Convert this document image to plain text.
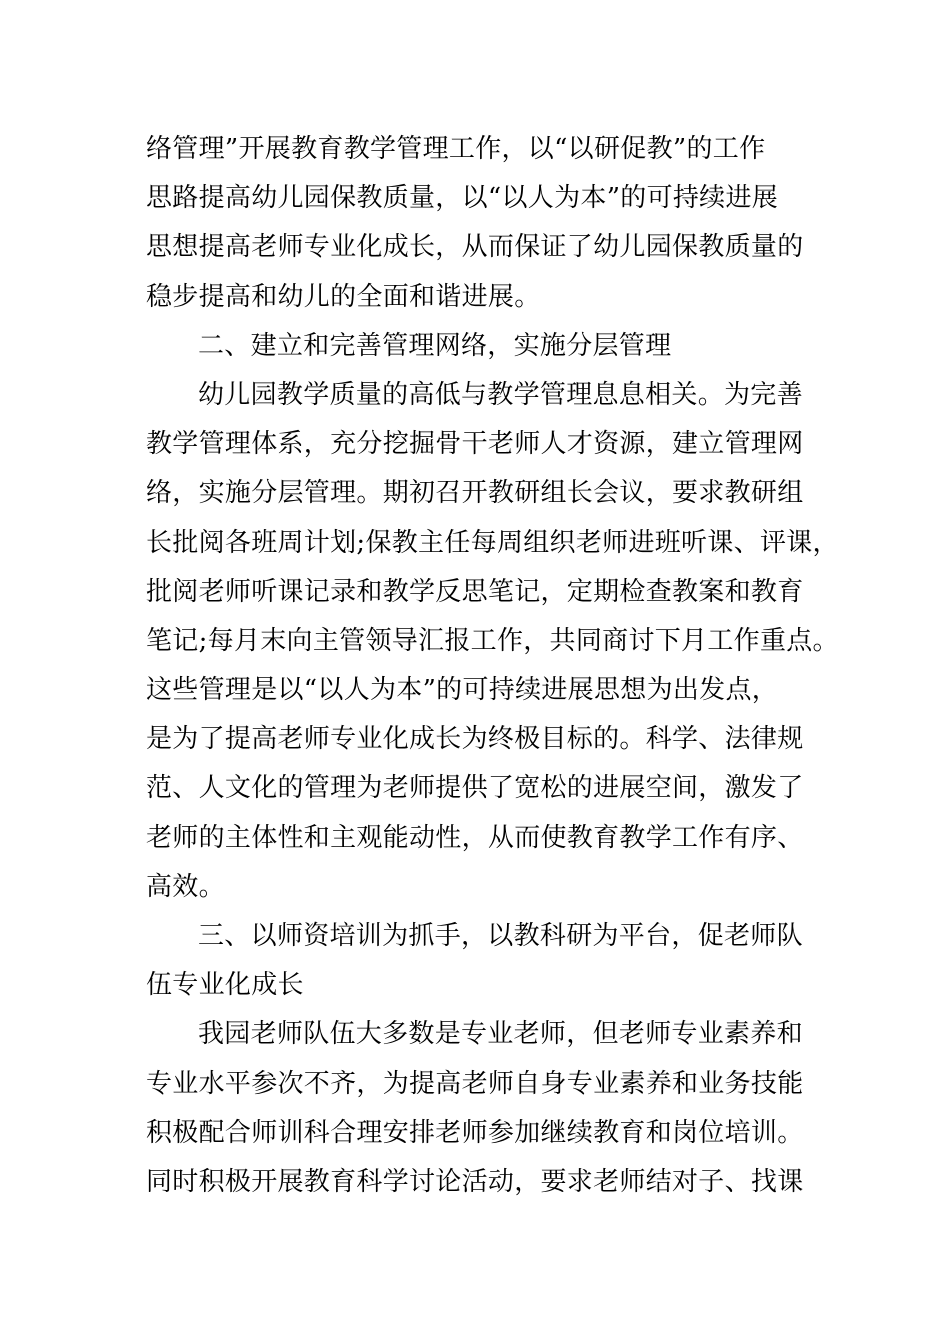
络管理”开展教育教学管理工作，以“以研促教”的工作
思路提高幼儿园保教质量，以“以人为本”的可持续进展
思想提高老师专业化成长，从而保证了幼儿园保教质量的
稳步提高和幼儿的全面和谐进展。
二、建立和完善管理网络，实施分层管理
幼儿园教学质量的高低与教学管理息息相关。为完善
教学管理体系，充分挖掘骨干老师人才资源，建立管理网
络，实施分层管理。期初召开教研组长会议，要求教研组
长批阅各班周计划;保教主任每周组织老师进班听课、评课，
批阅老师听课记录和教学反思笔记，定期检查教案和教育
笔记;每月末向主管领导汇报工作，共同商讨下月工作重点。
这些管理是以“以人为本”的可持续进展思想为出发点，
是为了提高老师专业化成长为终极目标的。科学、法律规
范、人文化的管理为老师提供了宽松的进展空间，激发了
老师的主体性和主观能动性，从而使教育教学工作有序、
高效。
三、以师资培训为抓手，以教科研为平台，促老师队
伍专业化成长
我园老师队伍大多数是专业老师，但老师专业素养和
专业水平参次不齐，为提高老师自身专业素养和业务技能
积极配合师训科合理安排老师参加继续教育和岗位培训。
同时积极开展教育科学讨论活动，要求老师结对子、找课
